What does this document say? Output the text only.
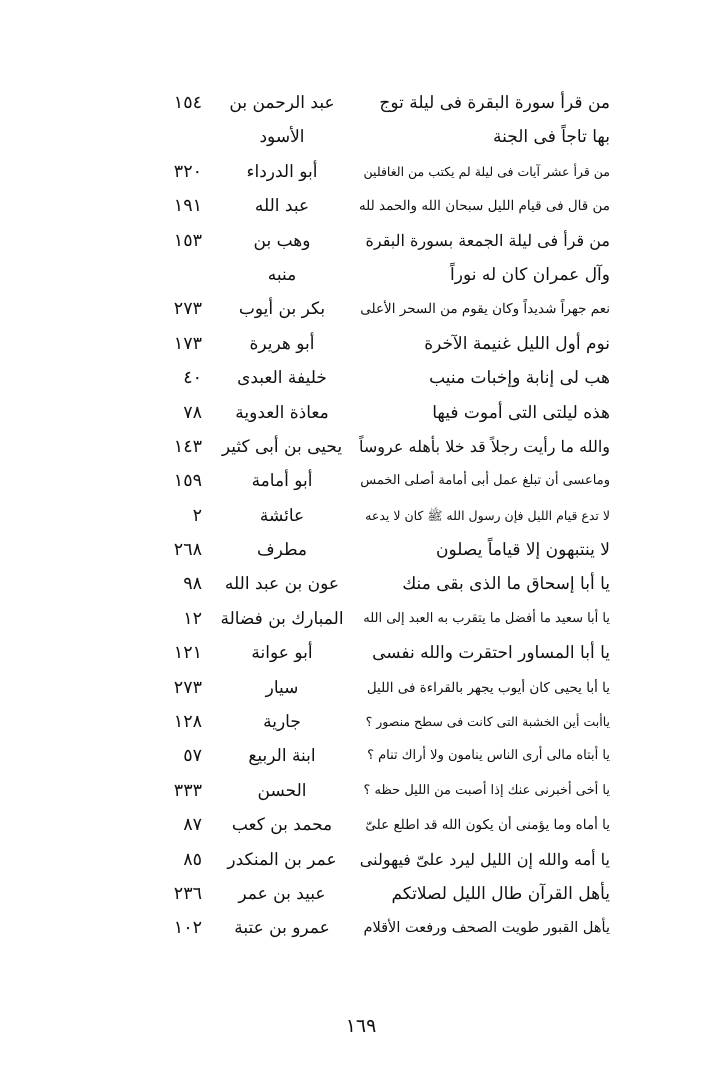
من قرأ سورة البقرة فى ليلة توج
عبد الرحمن بن
١٥٤
بها تاجاً فى الجنة
الأسود
من قرأ عشر آيات فى ليلة لم يكتب من الغافلين
أبو الدرداء
٣٢٠
من قال فى قيام الليل سبحان الله والحمد لله
عبد الله
١٩١
من قرأ فى ليلة الجمعة بسورة البقرة
وهب بن
١٥٣
وآل عمران كان له نوراً
منبه
نعم جهراً شديداً وكان يقوم من السحر الأعلى
بكر بن أيوب
٢٧٣
نوم أول الليل غنيمة الآخرة
أبو هريرة
١٧٣
هب لى إنابة وإخبات منيب
خليفة العبدى
٤٠
هذه ليلتى التى أموت فيها
معاذة العدوية
٧٨
والله ما رأيت رجلاً قد خلا بأهله عروساً
يحيى بن أبى كثير
١٤٣
وماعسى أن تبلغ عمل أبى أمامة أصلى الخمس
أبو أمامة
١٥٩
لا تدع قيام الليل فإن رسول الله ﷺ كان لا يدعه
عائشة
٢
لا ينتبهون إلا قياماً يصلون
مطرف
٢٦٨
يا أبا إسحاق ما الذى بقى منك
عون بن عبد الله
٩٨
يا أبا سعيد ما أفضل ما يتقرب به العبد إلى الله
المبارك بن فضالة
١٢
يا أبا المساور احتقرت والله نفسى
أبو عوانة
١٢١
يا أبا يحيى كان أيوب يجهر بالقراءة فى الليل
سيار
٢٧٣
ياأبت أين الخشبة التى كانت فى سطح منصور ؟
جارية
١٢٨
يا أبتاه مالى أرى الناس ينامون ولا أراك تنام ؟
ابنة الربيع
٥٧
يا أخى أخبرنى عنك إذا أصبت من الليل حظه ؟
الحسن
٣٣٣
يا أماه وما يؤمنى أن يكون الله قد اطلع علىّ
محمد بن كعب
٨٧
يا أمه والله إن الليل ليرد علىّ فيهولنى
عمر بن المنكدر
٨٥
يأهل القرآن طال الليل لصلاتكم
عبيد بن عمر
٢٣٦
يأهل القبور طويت الصحف ورفعت الأقلام
عمرو بن عتبة
١٠٢
١٦٩
